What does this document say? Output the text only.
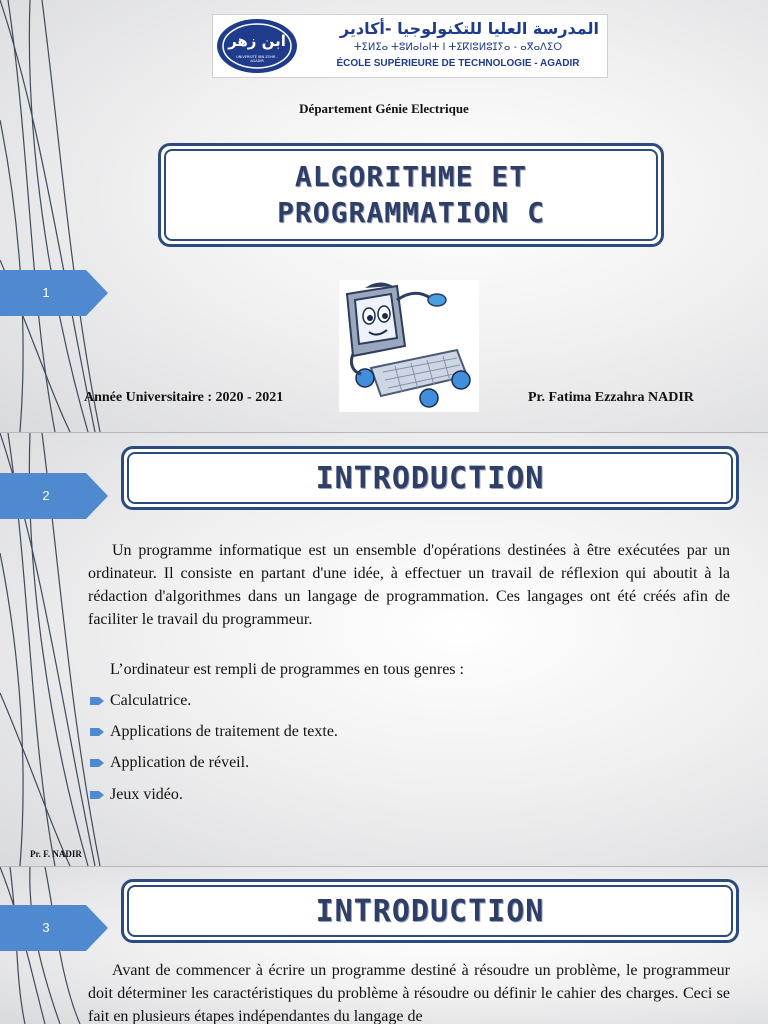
1
ابن زهر
UNIVERSITÉ IBN ZOHR - AGADIR
المدرسة العليا للتكنولوجيا -أكادير
ⵜⵉⵍⵉⴰ ⵜⵓⵍⴰⵏⴰⵏⵜ ⵏ ⵜⵉⴽⵏⵓⵍⵓⵊⵢⴰ - ⴰⴳⴰⴷⵉⵔ
ÉCOLE SUPÉRIEURE DE TECHNOLOGIE - AGADIR
Département Génie Electrique
ALGORITHME ET
PROGRAMMATION C
Année Universitaire : 2020 - 2021	Pr. Fatima Ezzahra NADIR
2	INTRODUCTION
Un programme informatique est un ensemble d'opérations destinées à être exécutées par un ordinateur. Il consiste en partant d'une idée, à effectuer un travail de réflexion qui aboutit à la rédaction d'algorithmes dans un langage de programmation. Ces langages ont été créés afin de faciliter le travail du programmeur.
L’ordinateur est rempli de programmes en tous genres :
Calculatrice.
Applications de traitement de texte.
Application de réveil.
Jeux vidéo.
Pr. F. NADIR
3	INTRODUCTION
Avant de commencer à écrire un programme destiné à résoudre un problème, le programmeur doit déterminer les caractéristiques du problème à résoudre ou définir le cahier des charges. Ceci se fait en plusieurs étapes indépendantes du langage de
